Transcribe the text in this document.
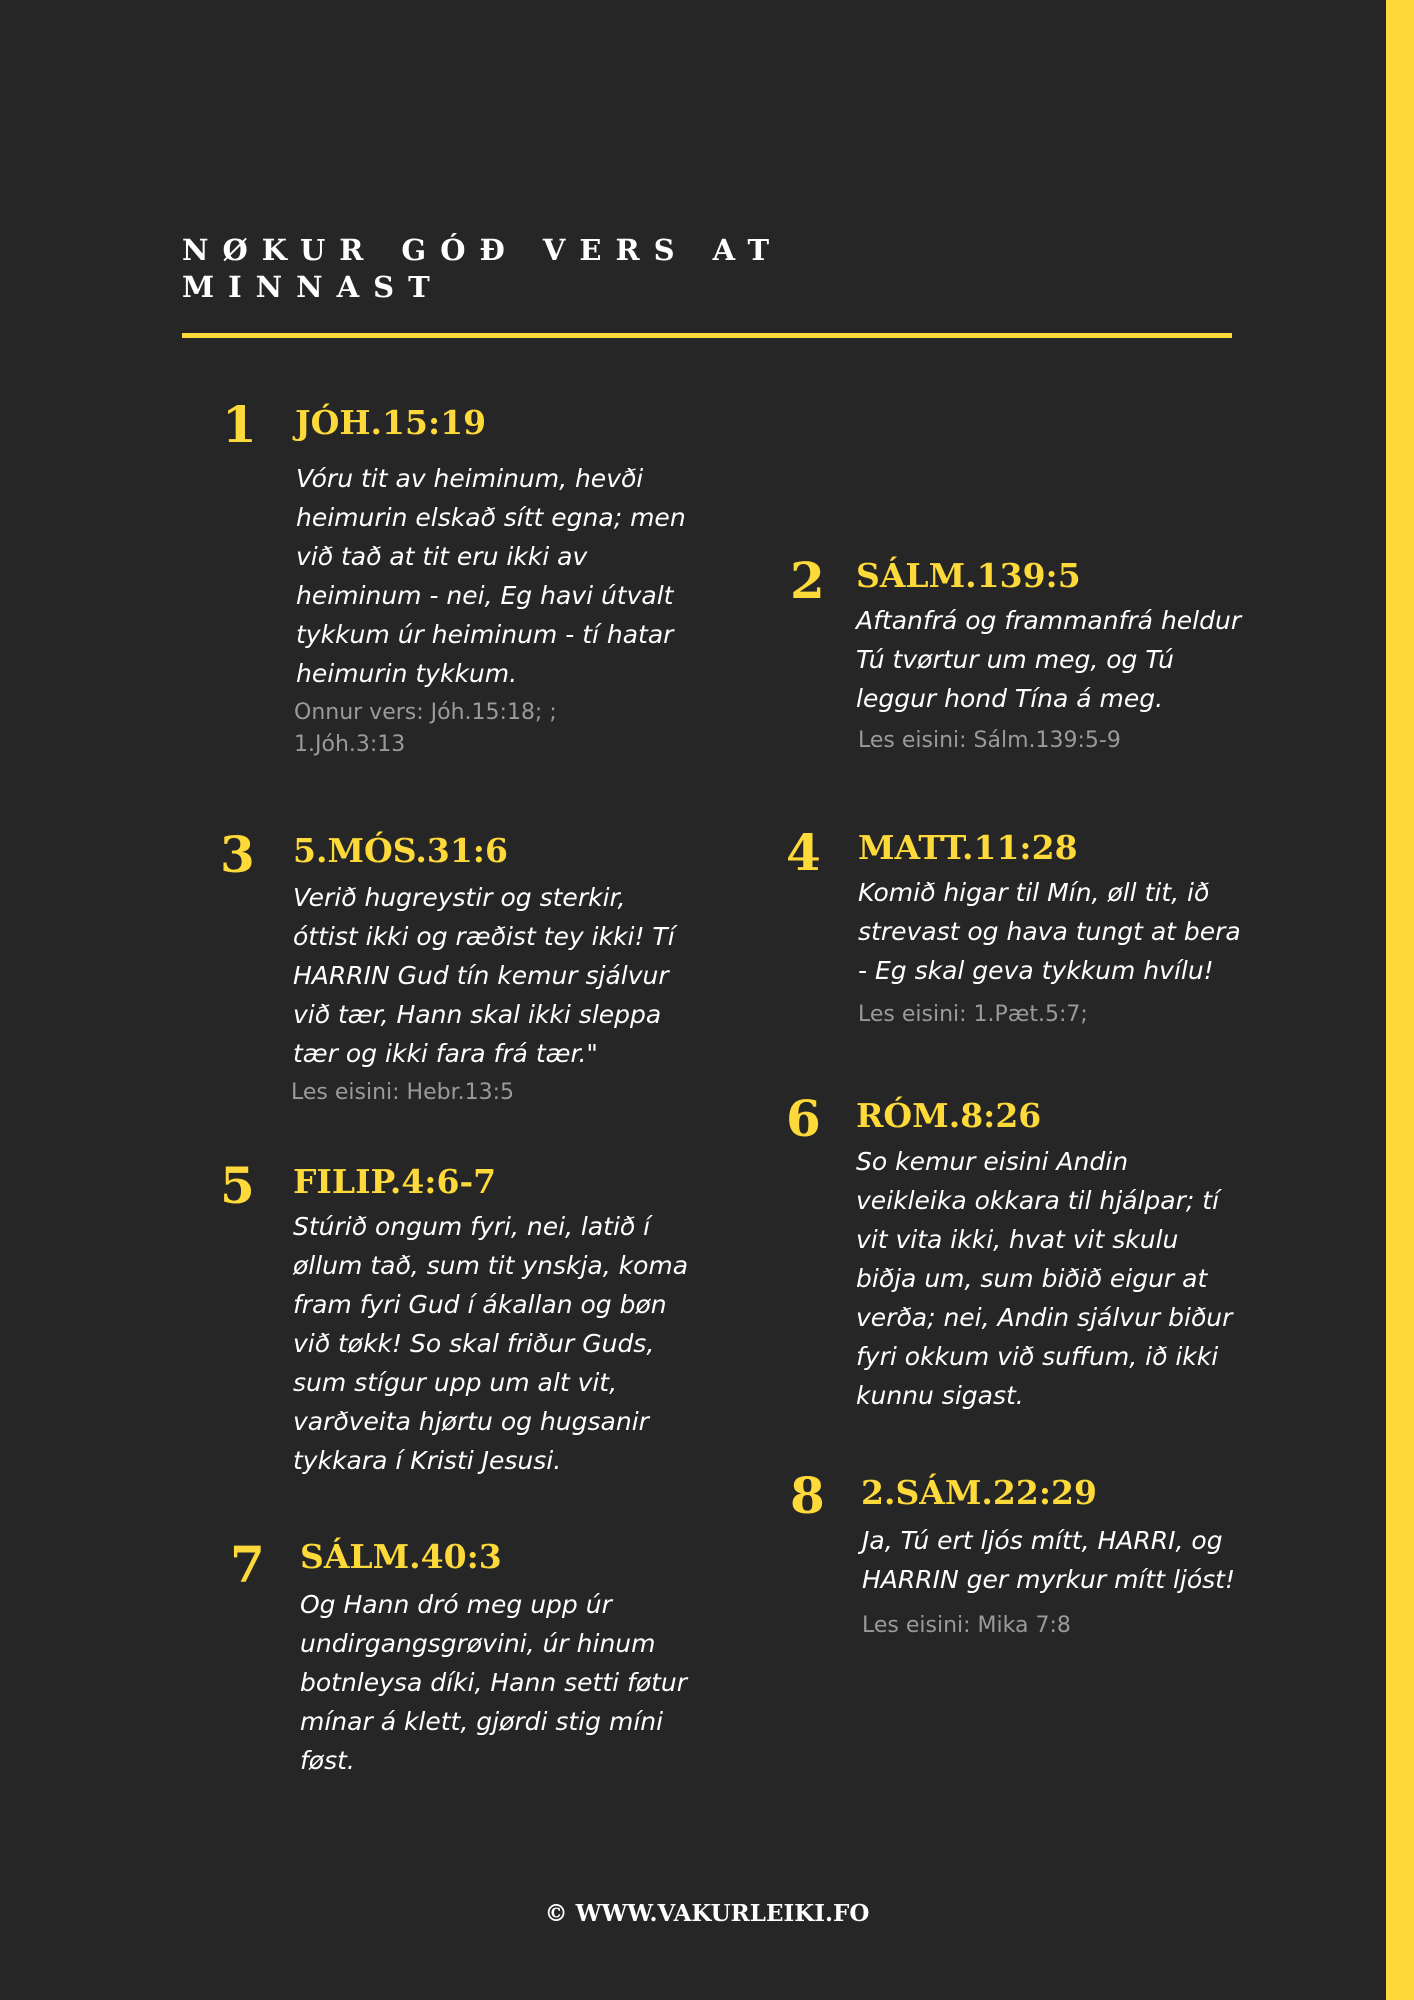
NØKUR GÓÐ VERS AT MINNAST
1 JÓH.15:19
Vóru tit av heiminum, hevði heimurin elskað sítt egna; men við tað at tit eru ikki av heiminum - nei, Eg havi útvalt tykkum úr heiminum - tí hatar heimurin tykkum.
Onnur vers: Jóh.15:18; ; 1.Jóh.3:13
2 SÁLM.139:5
Aftanfrá og frammanfrá heldur Tú tvørtur um meg, og Tú leggur hond Tína á meg.
Les eisini: Sálm.139:5-9
3 5.MÓS.31:6
Verið hugreystir og sterkir, óttist ikki og ræðist tey ikki! Tí HARRIN Gud tín kemur sjálvur við tær, Hann skal ikki sleppa tær og ikki fara frá tær."
Les eisini: Hebr.13:5
4 MATT.11:28
Komið higar til Mín, øll tit, ið strevast og hava tungt at bera - Eg skal geva tykkum hvílu!
Les eisini: 1.Pæt.5:7;
5 FILIP.4:6-7
Stúrið ongum fyri, nei, latið í øllum tað, sum tit ynskja, koma fram fyri Gud í ákallan og bøn við tøkk! So skal friður Guds, sum stígur upp um alt vit, varðveita hjørtu og hugsanir tykkara í Kristi Jesusi.
6 RÓM.8:26
So kemur eisini Andin veikleika okkara til hjálpar; tí vit vita ikki, hvat vit skulu biðja um, sum biðið eigur at verða; nei, Andin sjálvur biður fyri okkum við suffum, ið ikki kunnu sigast.
7 SÁLM.40:3
Og Hann dró meg upp úr undirgangsgrøvini, úr hinum botnleysa díki, Hann setti føtur mínar á klett, gjørdi stig míni føst.
8 2.SÁM.22:29
Ja, Tú ert ljós mítt, HARRI, og HARRIN ger myrkur mítt ljóst!
Les eisini: Mika 7:8
© WWW.VAKURLEIKI.FO
